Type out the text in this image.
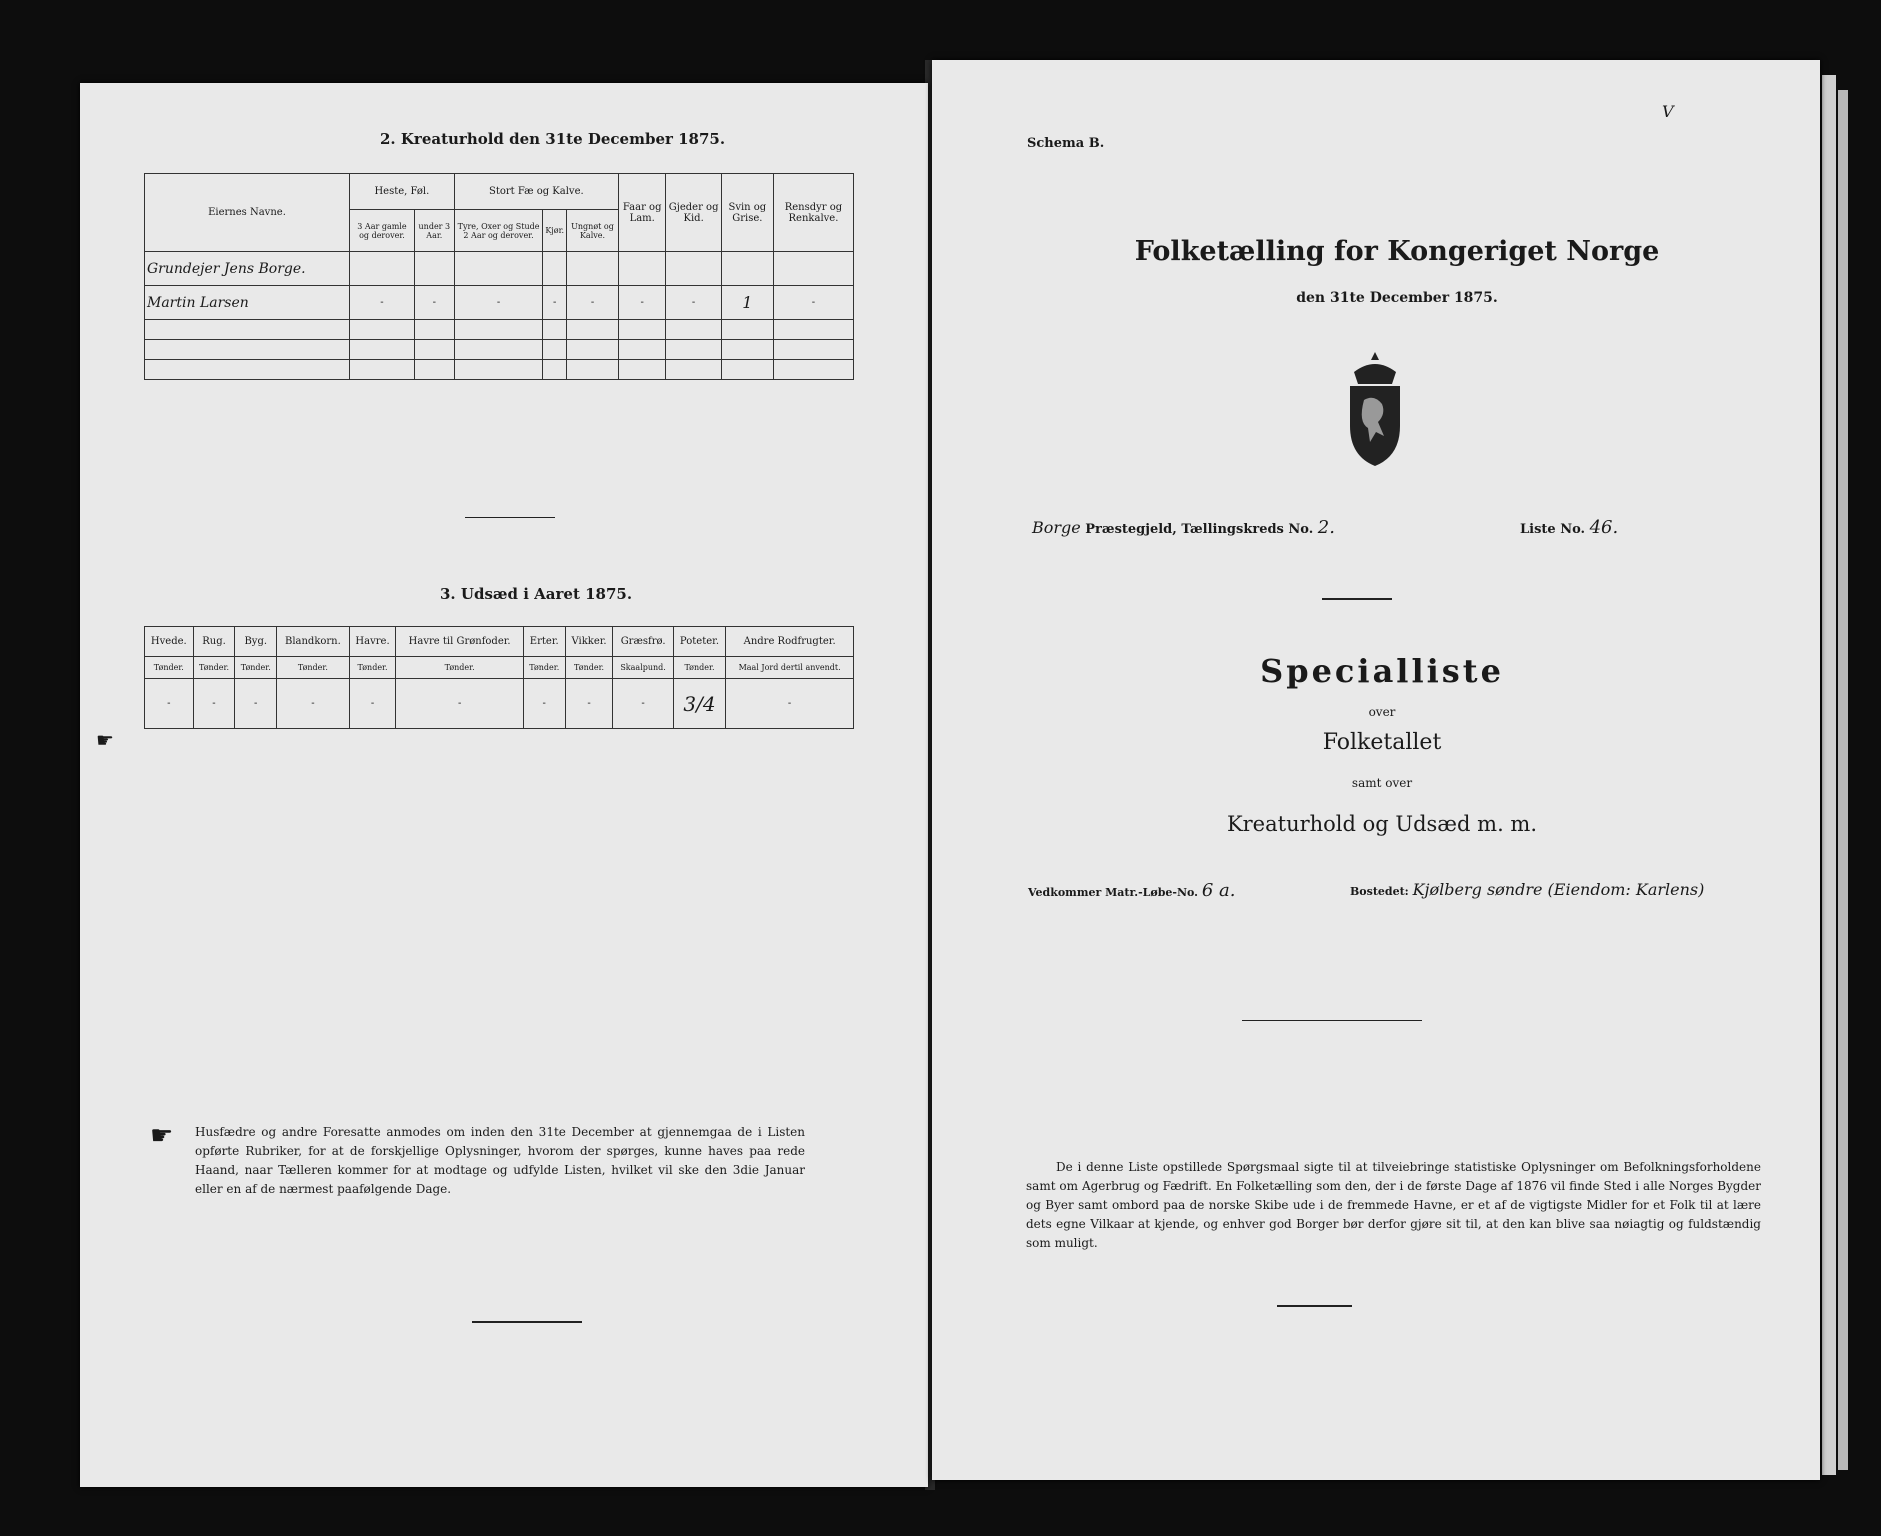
2. Kreaturhold den 31te December 1875.
Eiernes Navne.	Heste, Føl.		Stort Fæ og Kalve.			Faar og Lam.	Gjeder og Kid.	Svin og Grise.	Rensdyr og Renkalve.
	3 Aar gamle og derover.	under 3 Aar.	Tyre, Oxer og Stude 2 Aar og derover.	Kjør.	Ungnøt og Kalve.				
Grundejer Jens Borge.									
Martin Larsen	-	-	-	-	-	-	-	1	-

3. Udsæd i Aaret 1875.
Hvede.	Rug.	Byg.	Blandkorn.	Havre.	Havre til Grønfoder.	Erter.	Vikker.	Græsfrø.	Poteter.	Andre Rodfrugter.
Tønder.	Tønder.	Tønder.	Tønder.	Tønder.	Tønder.	Tønder.	Tønder.	Skaalpund.	Tønder.	Maal Jord dertil anvendt.
-	-	-	-	-	-	-	-	-	3/4	-
☛
☛ Husfædre og andre Foresatte anmodes om inden den 31te December at gjennemgaa de i Listen opførte Rubriker, for at de forskjellige Oplysninger, hvorom der spørges, kunne haves paa rede Haand, naar Tælleren kommer for at modtage og udfylde Listen, hvilket vil ske den 3die Januar eller en af de nærmest paafølgende Dage.
Schema B.
V
Folketælling for Kongeriget Norge
den 31te December 1875.
Borge Præstegjeld, Tællingskreds No. 2.	Liste No. 46.
Specialliste
over
Folketallet
samt over
Kreaturhold og Udsæd m. m.
Vedkommer Matr.-Løbe-No. 6 a.	Bostedet: Kjølberg søndre (Eiendom: Karlens)
De i denne Liste opstillede Spørgsmaal sigte til at tilveiebringe statistiske Oplysninger om Befolkningsforholdene samt om Agerbrug og Fædrift. En Folketælling som den, der i de første Dage af 1876 vil finde Sted i alle Norges Bygder og Byer samt ombord paa de norske Skibe ude i de fremmede Havne, er et af de vigtigste Midler for et Folk til at lære dets egne Vilkaar at kjende, og enhver god Borger bør derfor gjøre sit til, at den kan blive saa nøiagtig og fuldstændig som muligt.
